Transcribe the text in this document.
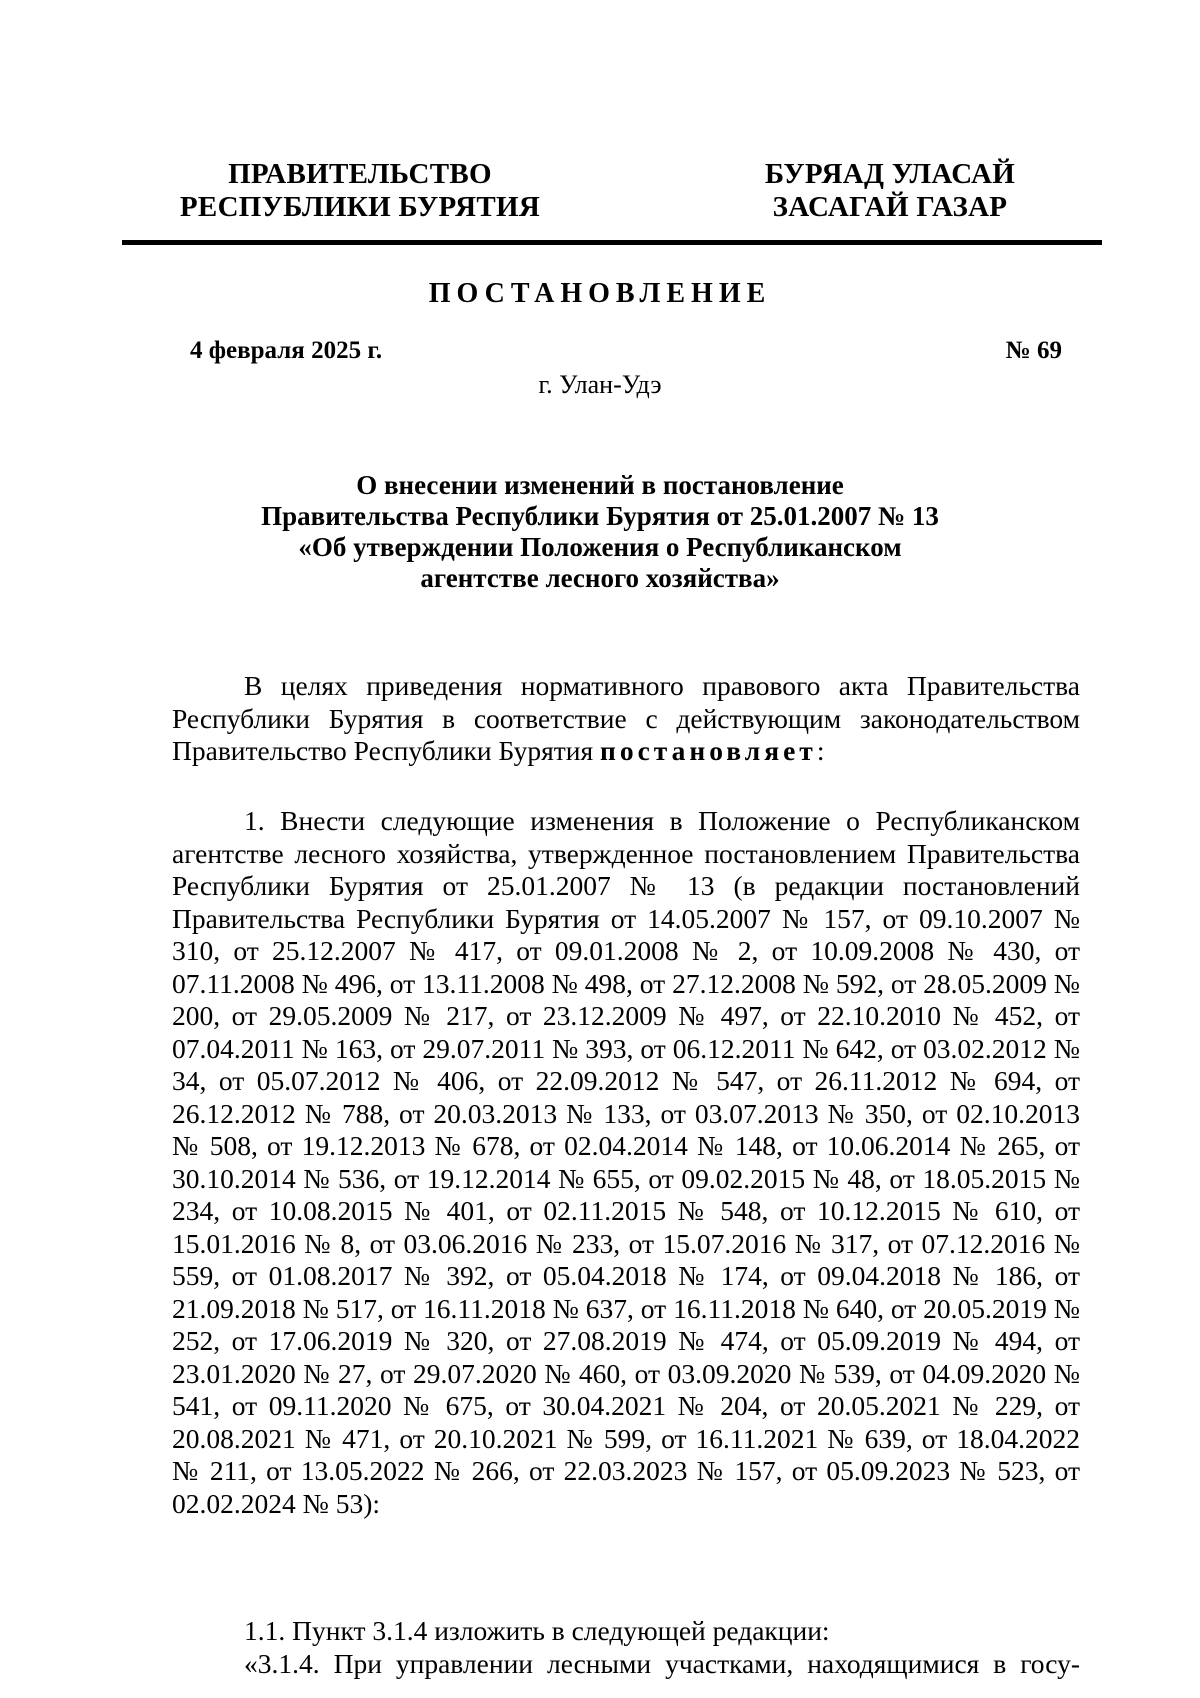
ПРАВИТЕЛЬСТВО
РЕСПУБЛИКИ БУРЯТИЯ
БУРЯАД УЛАСАЙ
ЗАСАГАЙ ГАЗАР
ПОСТАНОВЛЕНИЕ
4 февраля 2025 г.	№ 69
г. Улан-Удэ
О внесении изменений в постановление
Правительства Республики Бурятия от 25.01.2007 № 13
«Об утверждении Положения о Республиканском
агентстве лесного хозяйства»

В целях приведения нормативного правового акта Правительства Республики Бурятия в соответствие с действующим законодательством Правительство Республики Бурятия постановляет:

1. Внести следующие изменения в Положение о Республиканском агентстве лесного хозяйства, утвержденное постановлением Правительства Республики Бурятия от 25.01.2007 № 13 (в редакции постановлений Правительства Республики Бурятия от 14.05.2007 № 157, от 09.10.2007 № 310, от 25.12.2007 № 417, от 09.01.2008 № 2, от 10.09.2008 № 430, от 07.11.2008 № 496, от 13.11.2008 № 498, от 27.12.2008 № 592, от 28.05.2009 № 200, от 29.05.2009 № 217, от 23.12.2009 № 497, от 22.10.2010 № 452, от 07.04.2011 № 163, от 29.07.2011 № 393, от 06.12.2011 № 642, от 03.02.2012 № 34, от 05.07.2012 № 406, от 22.09.2012 № 547, от 26.11.2012 № 694, от 26.12.2012 № 788, от 20.03.2013 № 133, от 03.07.2013 № 350, от 02.10.2013 № 508, от 19.12.2013 № 678, от 02.04.2014 № 148, от 10.06.2014 № 265, от 30.10.2014 № 536, от 19.12.2014 № 655, от 09.02.2015 № 48, от 18.05.2015 № 234, от 10.08.2015 № 401, от 02.11.2015 № 548, от 10.12.2015 № 610, от 15.01.2016 № 8, от 03.06.2016 № 233, от 15.07.2016 № 317, от 07.12.2016 № 559, от 01.08.2017 № 392, от 05.04.2018 № 174, от 09.04.2018 № 186, от 21.09.2018 № 517, от 16.11.2018 № 637, от 16.11.2018 № 640, от 20.05.2019 № 252, от 17.06.2019 № 320, от 27.08.2019 № 474, от 05.09.2019 № 494, от 23.01.2020 № 27, от 29.07.2020 № 460, от 03.09.2020 № 539, от 04.09.2020 № 541, от 09.11.2020 № 675, от 30.04.2021 № 204, от 20.05.2021 № 229, от 20.08.2021 № 471, от 20.10.2021 № 599, от 16.11.2021 № 639, от 18.04.2022 № 211, от 13.05.2022 № 266, от 22.03.2023 № 157, от 05.09.2023 № 523, от 02.02.2024 № 53):

1.1. Пункт 3.1.4 изложить в следующей редакции:

«3.1.4. При управлении лесными участками, находящимися в госу-
